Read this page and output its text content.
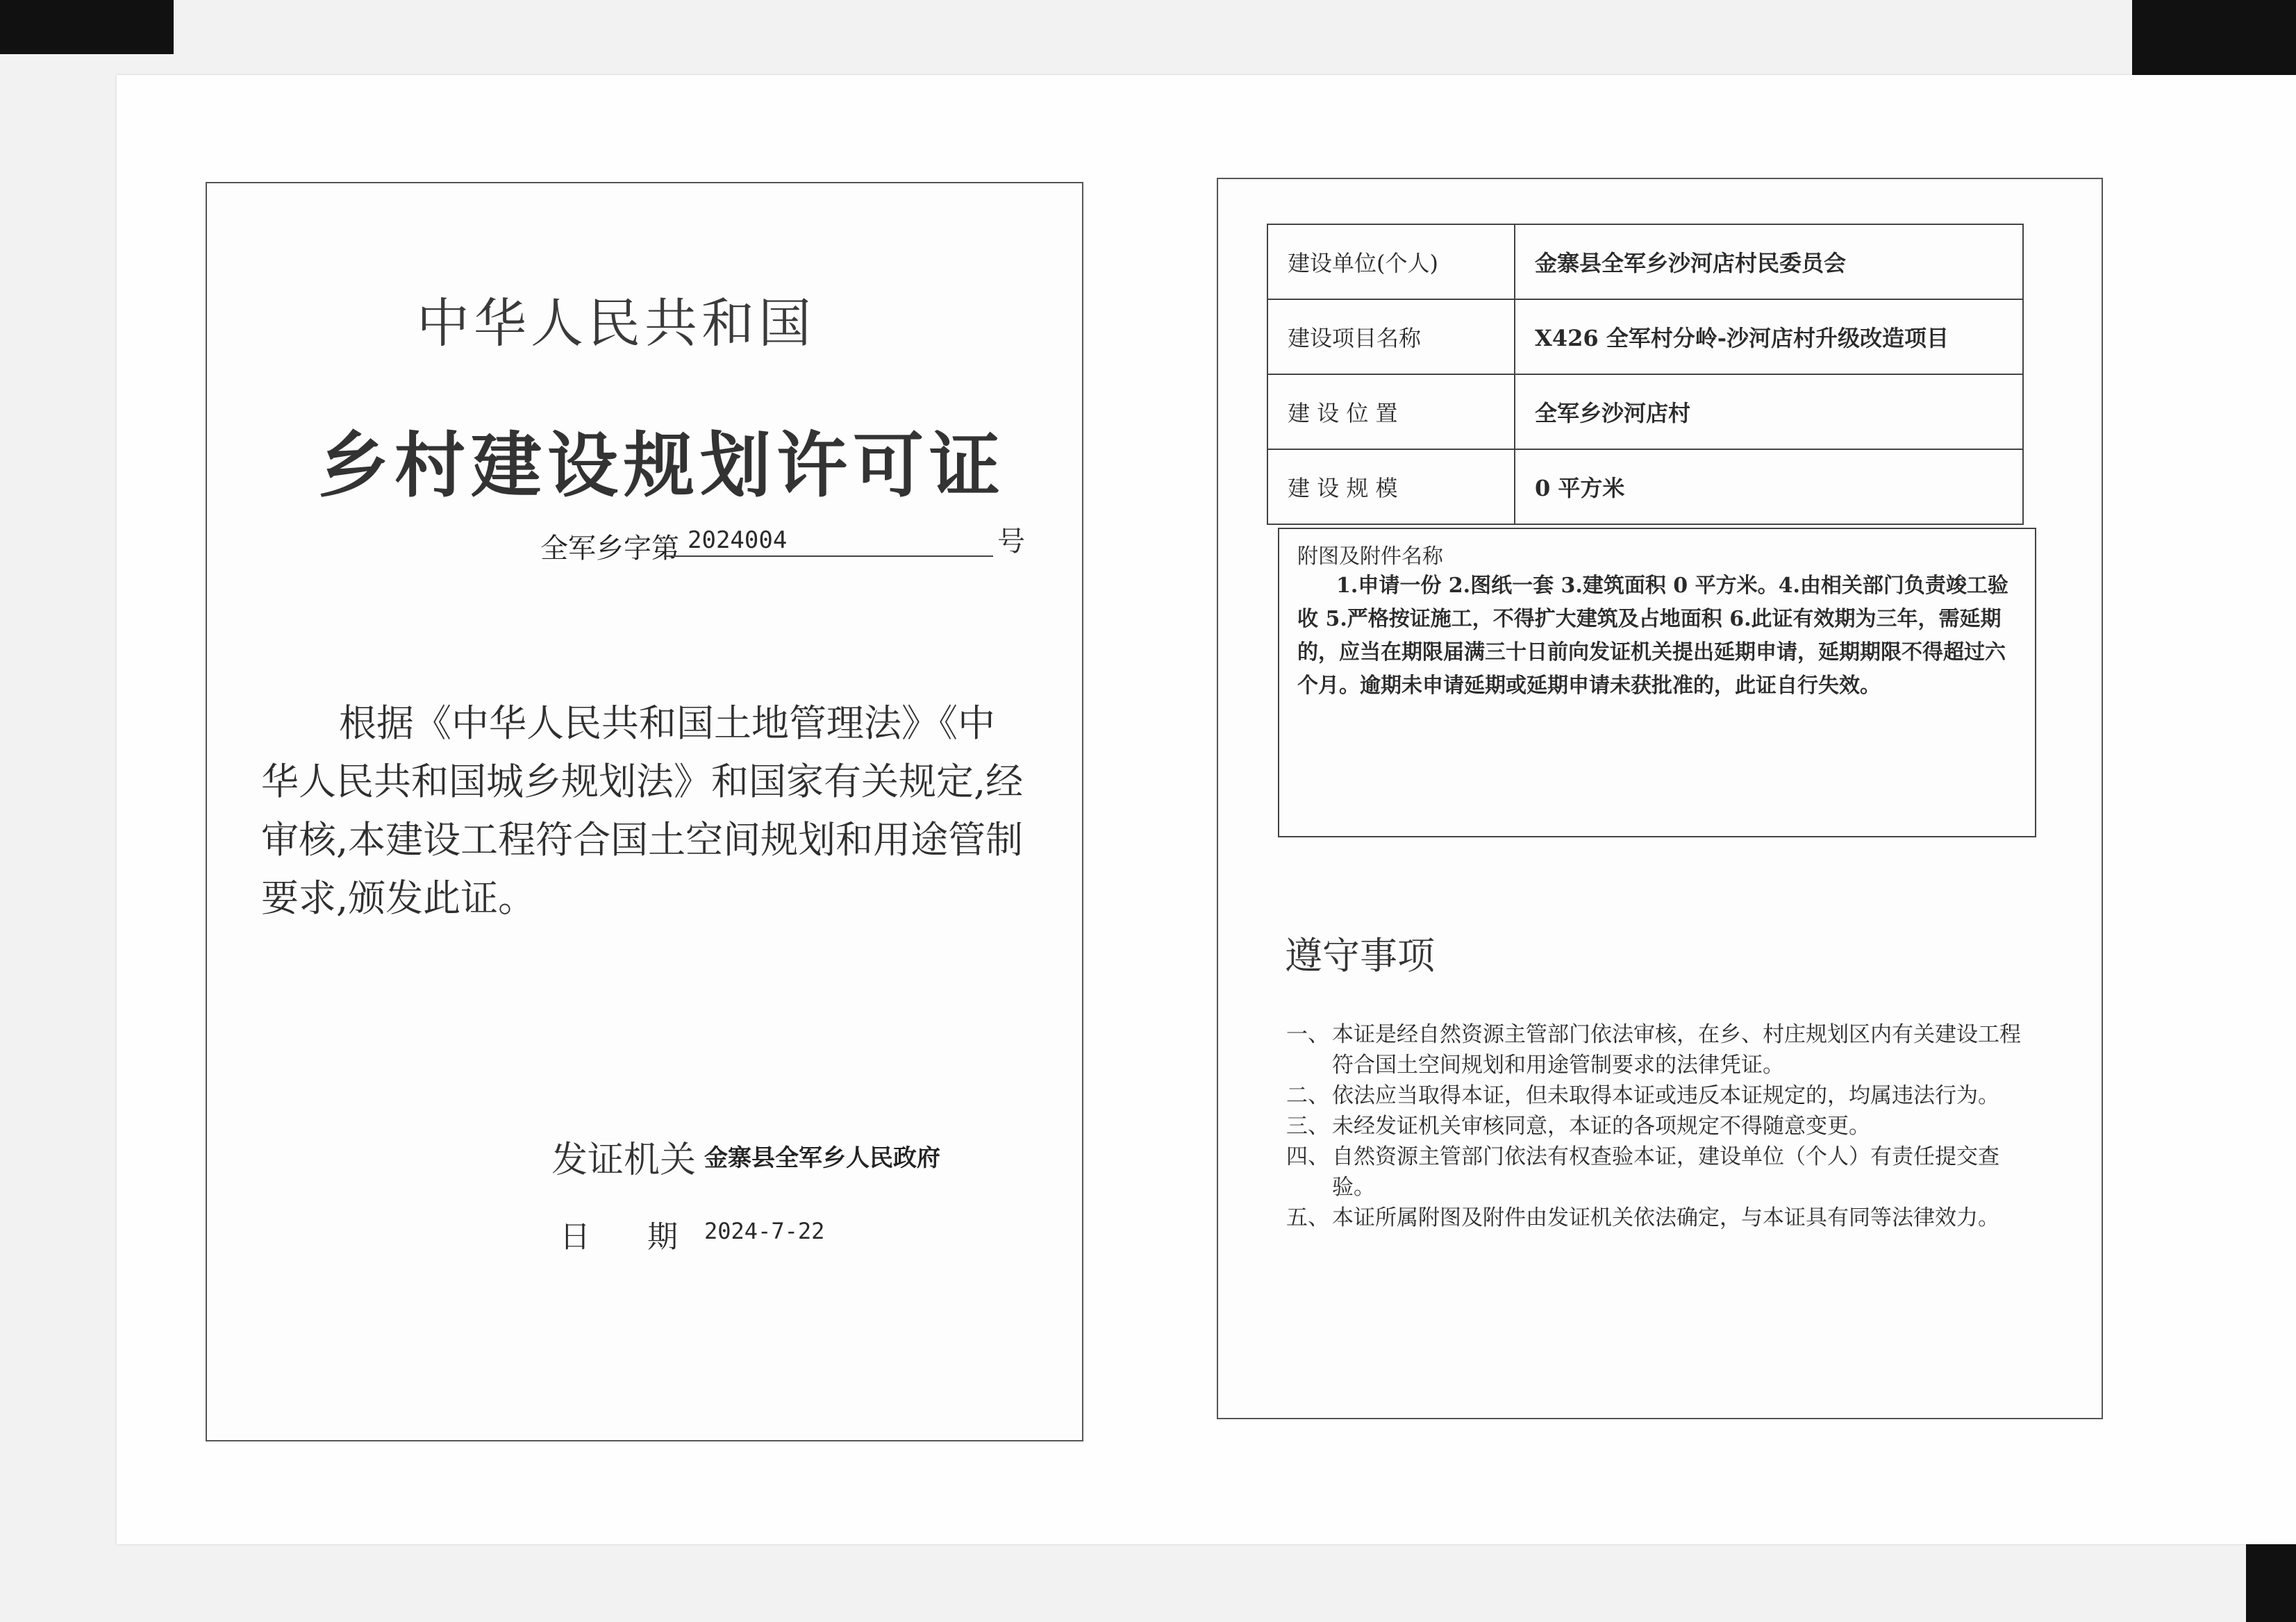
中华人民共和国
乡村建设规划许可证
全军乡字第 2024004	号
根据《中华人民共和国土地管理法》《中华人民共和国城乡规划法》和国家有关规定,经审核,本建设工程符合国土空间规划和用途管制要求,颁发此证。
发证机关 金寨县全军乡人民政府
日 期 2024-7-22
建设单位(个人)	金寨县全军乡沙河店村民委员会
建设项目名称	X426 全军村分岭-沙河店村升级改造项目
建 设 位 置	全军乡沙河店村
建 设 规 模	0 平方米
附图及附件名称
1.申请一份 2.图纸一套 3.建筑面积 0 平方米。4.由相关部门负责竣工验收 5.严格按证施工，不得扩大建筑及占地面积 6.此证有效期为三年，需延期的，应当在期限届满三十日前向发证机关提出延期申请，延期期限不得超过六个月。逾期未申请延期或延期申请未获批准的，此证自行失效。
遵守事项
一、 本证是经自然资源主管部门依法审核，在乡、村庄规划区内有关建设工程符合国土空间规划和用途管制要求的法律凭证。
二、 依法应当取得本证，但未取得本证或违反本证规定的，均属违法行为。
三、 未经发证机关审核同意，本证的各项规定不得随意变更。
四、 自然资源主管部门依法有权查验本证，建设单位（个人）有责任提交查验。
五、 本证所属附图及附件由发证机关依法确定，与本证具有同等法律效力。
